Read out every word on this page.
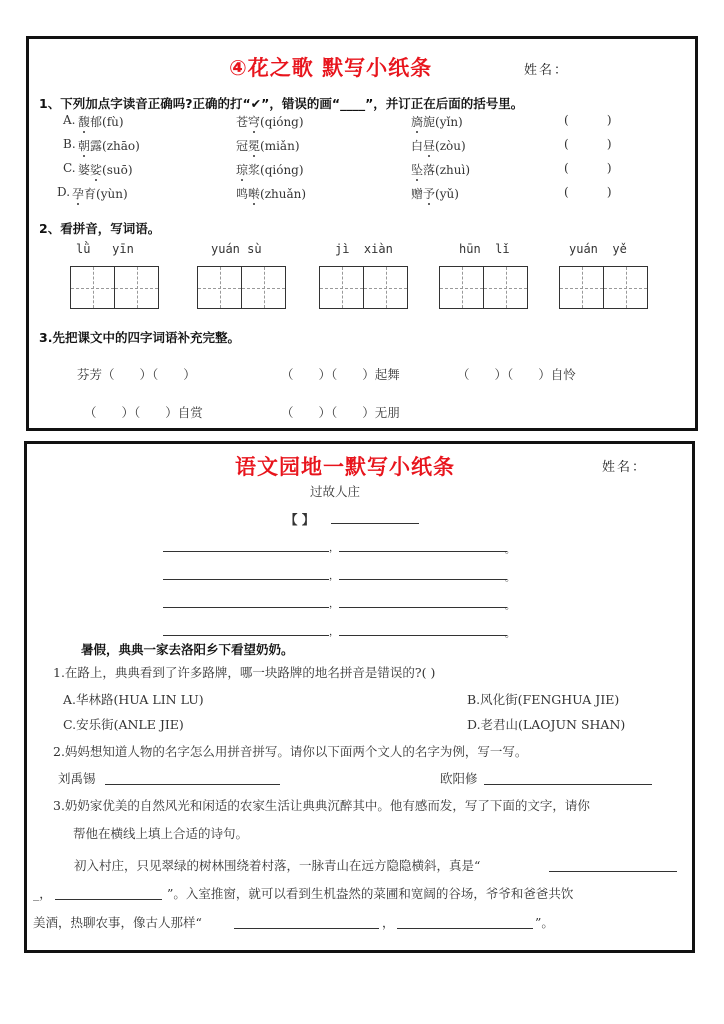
④花之歌 默写小纸条	姓名：
1、下列加点字读音正确吗?正确的打“✔”，错误的画“____”，并订正在后面的括号里。
A. 馥郁(fù)	苍穹(qióng)	旖旎(yǐn)	(          )
B. 朝露(zhāo)	冠冕(miǎn)	白昼(zòu)	(          )
C. 婆娑(suō)	琼浆(qióng)	坠落(zhuì)	(          )
D. 孕育(yùn)	鸣啭(zhuǎn)	赠予(yǔ)	(          )
2、看拼音，写词语。
lǜ   yīn	yuán sù	jì  xiàn	hūn  lǐ	yuán  yě
3.先把课文中的四字词语补充完整。
芬芳（　　）（　　）	（　　）（　　）起舞	（　　）（　　）自怜
（　　）（　　）自赏	（　　）（　　）无朋
语文园地一默写小纸条	姓名：
过故人庄
【 】
，	。
，	。
，	。
，	。
暑假，典典一家去洛阳乡下看望奶奶。
1.在路上，典典看到了许多路牌，哪一块路牌的地名拼音是错误的?( )
A.华林路(HUA LIN LU)	B.风化街(FENGHUA JIE)
C.安乐街(ANLE JIE)	D.老君山(LAOJUN SHAN)
2.妈妈想知道人物的名字怎么用拼音拼写。请你以下面两个文人的名字为例，写一写。
刘禹锡	欧阳修
3.奶奶家优美的自然风光和闲适的农家生活让典典沉醉其中。他有感而发，写了下面的文字，请你
帮他在横线上填上合适的诗句。
初入村庄，只见翠绿的树林围绕着村落，一脉青山在远方隐隐横斜，真是“
_，	”。入室推窗，就可以看到生机盎然的菜圃和宽阔的谷场，爷爷和爸爸共饮
美酒，热聊农事，像古人那样“	，	”。
